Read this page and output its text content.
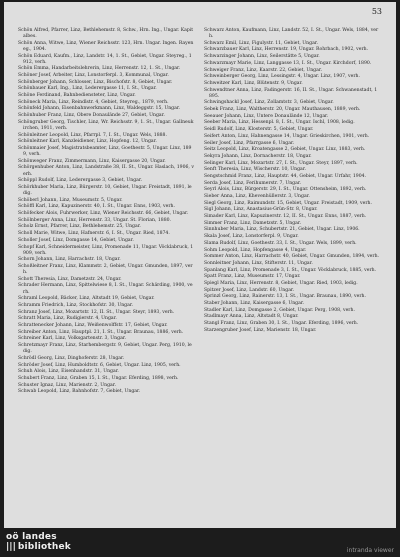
53
Schön Alfred, Pfarrer, Linz, Bethlehemstr. 8, Schw., Hrn. Ing., Ungar. Kapitalbes.
Schön Anna, Witwe, Linz, Wiener Reichsstr. 123, Hrn. Ungar. Ingen. Rayeneg., 1904.
Schön Eduard, Kaufm., Linz, Landstr. 14, 1. St., Gebiet, Ungar. Steyreg., 1912, verh.
Schön Emma, Handarbeitslehrerin, Linz, Herrenstr. 12, 1. St., Ungar.
Schöner Josef, Arbeiter, Linz, Lonstorferpl. 3, Kommunal, Ungar.
Schönberger Johann, Schlosser, Linz, Bischofstr. 8, Gebiet, Ungar.
Schönbauer Karl, Ing., Linz, Lederergasse 11, I. St., Ungar.
Schöne Ferdinand, Bahnbediensteter, Linz, Ungar.
Schöneck Maria, Linz, Reindlstr. 4, Gebiet, Steyreg., 1879, verh.
Schönfeld Johann, Eisenbahnwerkmann, Linz, Waldeggstr. 15, Ungar.
Schönhuber Franz, Linz, Obere Donaulände 27, Gebiet, Ungar.
Schöngruber Georg, Tischler, Linz, Wr. Reichsstr. 9, 1. St., Ungar. Gallneukirchen, 1911, verh.
Schönleitner Leopold, Linz, Pfarrpl. 7, I. St., Ungar. Wels, 1888.
Schönleitner Karl, Kanzleidiener, Linz, Hopfeng. 12, Ungar.
Schönmaier Josef, Magistratsbeamter, Linz, Goethestr. 5, Ungar. Linz, 1899, verh.
Schönweger Franz, Zimmermann, Linz, Kaisergasse 20, Ungar.
Schörgenhuber Anton, Linz, Landstraße 38, II. St., Ungar. Haslach, 1906, verh.
Schöppl Rudolf, Linz, Lederergasse 3, Gebiet, Ungar.
Schörkhuber Maria, Linz, Bürgerstr. 10, Gebiet, Ungar. Freistadt, 1891, ledig.
Schöberl Johann, Linz, Museumstr. 5, Ungar.
Schöffl Karl, Linz, Kapuzinerstr. 40, I. St., Ungar. Enns, 1903, verh.
Schöfecker Alois, Fuhrwerker, Linz, Wiener Reichsstr. 66, Gebiet, Ungar.
Schölnberger Anna, Linz, Herrenstr. 33, Ungar. St. Florian, 1880.
Scholz Ernst, Pfarrer, Linz, Bethlehemstr. 25, Ungar.
Scholl Marie, Witwe, Linz, Hafnerstr. 6, I. St., Ungar. Ried, 1874.
Scholler Josef, Linz, Domgasse 14, Gebiet, Ungar.
Schopf Karl, Schneidermeister, Linz, Promenade 11, Ungar. Vöcklabruck, 1909, verh.
Schorn Johann, Linz, Harrachstr. 18, Ungar.
Schoßleitner Franz, Linz, Klammstr. 2, Gebiet, Ungar. Gmunden, 1897, verh.
Schott Theresia, Linz, Dametzstr. 24, Ungar.
Schrader Hermann, Linz, Spittelwiese 8, I. St., Ungar. Schärding, 1900, verh.
Schraml Leopold, Bäcker, Linz, Altstadt 19, Gebiet, Ungar.
Schramm Friedrich, Linz, Stockhofstr. 30, Ungar.
Schranz Josef, Linz, Mozartstr. 12, II. St., Ungar. Steyr, 1893, verh.
Schratt Maria, Linz, Rudigierstr. 4, Ungar.
Schrattenecker Johann, Linz, Weißenwolffstr. 17, Gebiet, Ungar.
Schreiber Anton, Linz, Hauptpl. 21, I. St., Ungar. Braunau, 1886, verh.
Schreiner Karl, Linz, Volksgartenstr. 3, Ungar.
Schretzmayr Franz, Linz, Starhembergstr. 9, Gebiet, Ungar. Perg, 1910, ledig.
Schrödl Georg, Linz, Dinghoferstr. 28, Ungar.
Schröder Josef, Linz, Humboldtstr. 6, Gebiet, Ungar. Linz, 1905, verh.
Schuh Alois, Linz, Eisenhandstr. 31, Ungar.
Schubert Franz, Linz, Graben 15, I. St., Ungar. Eferding, 1898, verh.
Schuster Ignaz, Linz, Marienstr. 2, Ungar.
Schwab Leopold, Linz, Bahnhofstr. 7, Gebiet, Ungar.
Schwarz Anton, Kaufmann, Linz, Landstr. 52, I. St., Ungar. Wels, 1884, verh.
Schwarz Emil, Linz, Figulystr. 11, Gebiet, Ungar.
Schwarzbauer Karl, Linz, Herrenstr. 19, Ungar. Rohrbach, 1902, verh.
Schwarzinger Johann, Linz, Seilerstätte 5, Ungar.
Schwarzmayr Marie, Linz, Langgasse 13, I. St., Ungar. Kirchdorf, 1890.
Schweiger Franz, Linz, Kaarstr. 22, Gebiet, Ungar.
Schweinberger Georg, Linz, Lessingstr. 4, Ungar. Linz, 1907, verh.
Schweitzer Karl, Linz, Blütenstr. 9, Ungar.
Schwendtner Anna, Linz, Fadingerstr. 16, II. St., Ungar. Schwanenstadt, 1895.
Schwingshackl Josef, Linz, Zollamtstr. 3, Gebiet, Ungar.
Sebek Franz, Linz, Waltherstr. 20, Ungar. Mauthausen, 1889, verh.
Seeauer Johann, Linz, Untere Donaulände 12, Ungar.
Seeber Maria, Linz, Hessenpl. 8, I. St., Ungar. Ischl, 1908, ledig.
Seidl Rudolf, Linz, Klosterstr. 5, Gebiet, Ungar.
Seifert Anton, Linz, Hahnengasse 14, Ungar. Grieskirchen, 1901, verh.
Seiler Josef, Linz, Pfarrgasse 6, Ungar.
Seitz Leopold, Linz, Kroatengasse 2, Gebiet, Ungar. Linz, 1883, verh.
Sekyra Johann, Linz, Dornacherstr. 18, Ungar.
Selinger Karl, Linz, Mozartstr. 27, I. St., Ungar. Steyr, 1897, verh.
Senft Theresia, Linz, Wischerstr. 10, Ungar.
Sengstschmid Franz, Linz, Hauptstr. 44, Gebiet, Ungar. Urfahr, 1904.
Serda Josef, Linz, Ferihumerstr. 7, Ungar.
Seyrl Alois, Linz, Bürgerstr. 29, I. St., Ungar. Ottensheim, 1892, verh.
Sieber Anna, Linz, Khevenhüllerstr. 3, Ungar.
Siegl Georg, Linz, Raimundstr. 15, Gebiet, Ungar. Freistadt, 1909, verh.
Sigl Johann, Linz, Anastasius-Grün-Str. 8, Ungar.
Simader Karl, Linz, Kapuzinerstr. 12, II. St., Ungar. Enns, 1887, verh.
Simmer Franz, Linz, Dametzstr. 5, Ungar.
Sinnhuber Maria, Linz, Schubertstr. 21, Gebiet, Ungar. Linz, 1906.
Skala Josef, Linz, Lonstorferpl. 9, Ungar.
Slama Rudolf, Linz, Goethestr. 33, I. St., Ungar. Wels, 1899, verh.
Sohm Leopold, Linz, Hopfengasse 4, Ungar.
Sommer Anton, Linz, Harrachstr. 40, Gebiet, Ungar. Gmunden, 1894, verh.
Sonnleitner Johann, Linz, Stifterstr. 11, Ungar.
Spanlang Karl, Linz, Promenade 3, I. St., Ungar. Vöcklabruck, 1885, verh.
Spatt Franz, Linz, Museumstr. 17, Ungar.
Spiegl Maria, Linz, Herrenstr. 8, Gebiet, Ungar. Ried, 1903, ledig.
Spitzer Josef, Linz, Landstr. 60, Ungar.
Sprinzl Georg, Linz, Rainerstr. 13, I. St., Ungar. Braunau, 1890, verh.
Staber Johann, Linz, Kaisergasse 6, Ungar.
Stadler Karl, Linz, Domgasse 2, Gebiet, Ungar. Perg, 1908, verh.
Stadlmayr Anna, Linz, Altstadt 8, Ungar.
Stangl Franz, Linz, Graben 30, I. St., Ungar. Eferding, 1896, verh.
Starzengruber Josef, Linz, Marienstr. 18, Ungar.
oö landes
||| bibliothek	intranda viewer
